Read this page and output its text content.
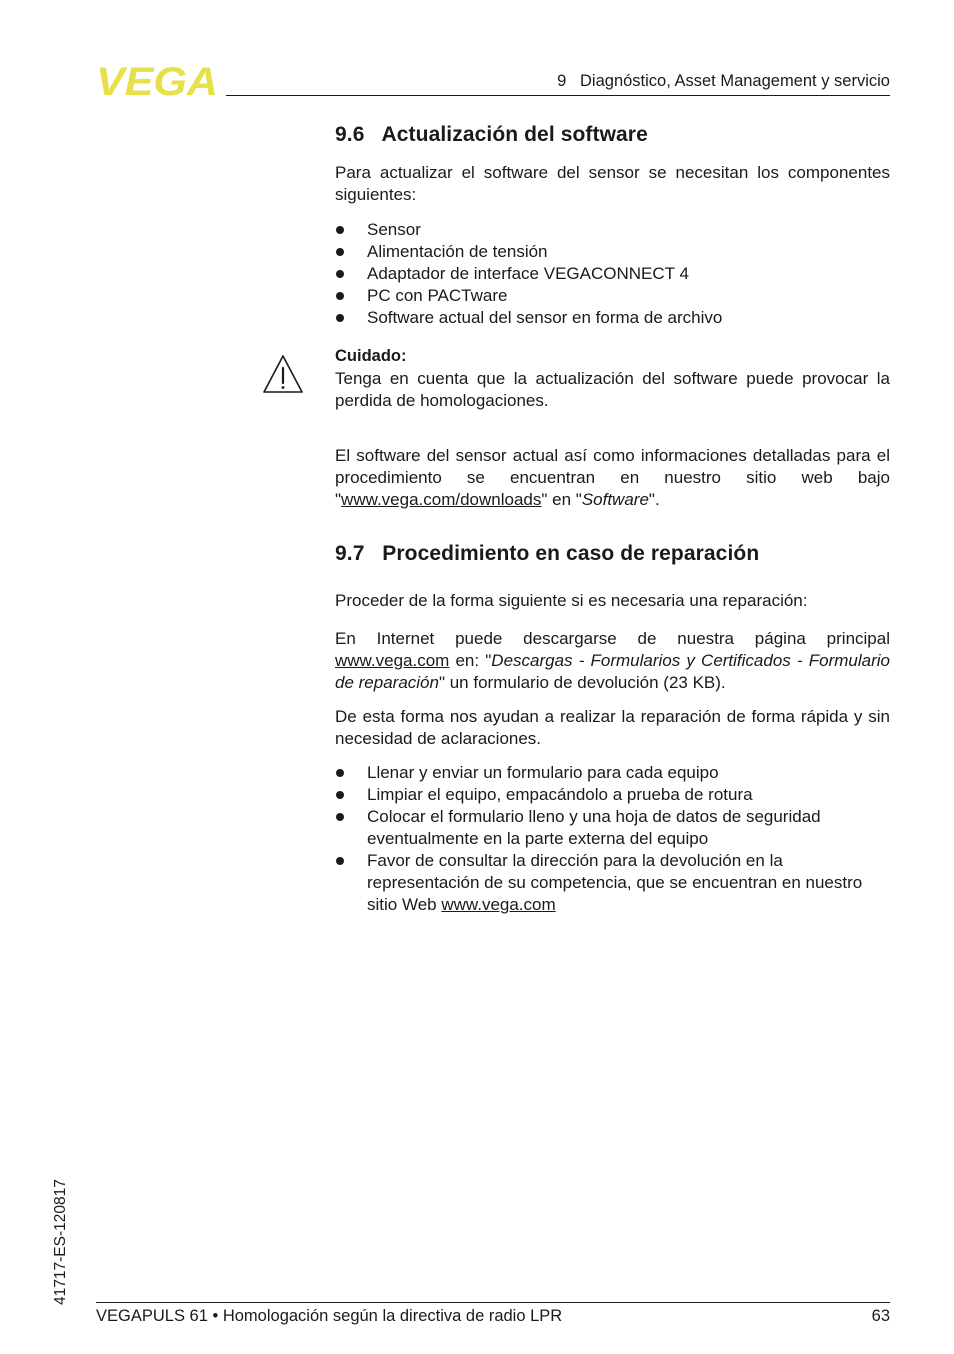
VEGA	9   Diagnóstico, Asset Management y servicio
9.6   Actualización del software

Para actualizar el software del sensor se necesitan los componentes siguientes:

Sensor
Alimentación de tensión
Adaptador de interface VEGACONNECT 4
PC con PACTware
Software actual del sensor en forma de archivo
Cuidado:

Tenga en cuenta que la actualización del software puede provocar la perdida de homologaciones.

El software del sensor actual así como informaciones detalladas para el procedimiento se encuentran en nuestro sitio web bajo "www.vega.com/downloads" en "Software".

9.7   Procedimiento en caso de reparación

Proceder de la forma siguiente si es necesaria una reparación:

En Internet puede descargarse de nuestra página principal www.vega.com en: "Descargas - Formularios y Certificados - Formulario de reparación" un formulario de devolución (23 KB).

De esta forma nos ayudan a realizar la reparación de forma rápida y sin necesidad de aclaraciones.

Llenar y enviar un formulario para cada equipo
Limpiar el equipo, empacándolo a prueba de rotura
Colocar el formulario lleno y una hoja de datos de seguridad eventualmente en la parte externa del equipo
Favor de consultar la dirección para la devolución en la representación de su competencia, que se encuentran en nuestro sitio Web www.vega.com
41717-ES-120817
VEGAPULS 61 • Homologación según la directiva de radio LPR	63
